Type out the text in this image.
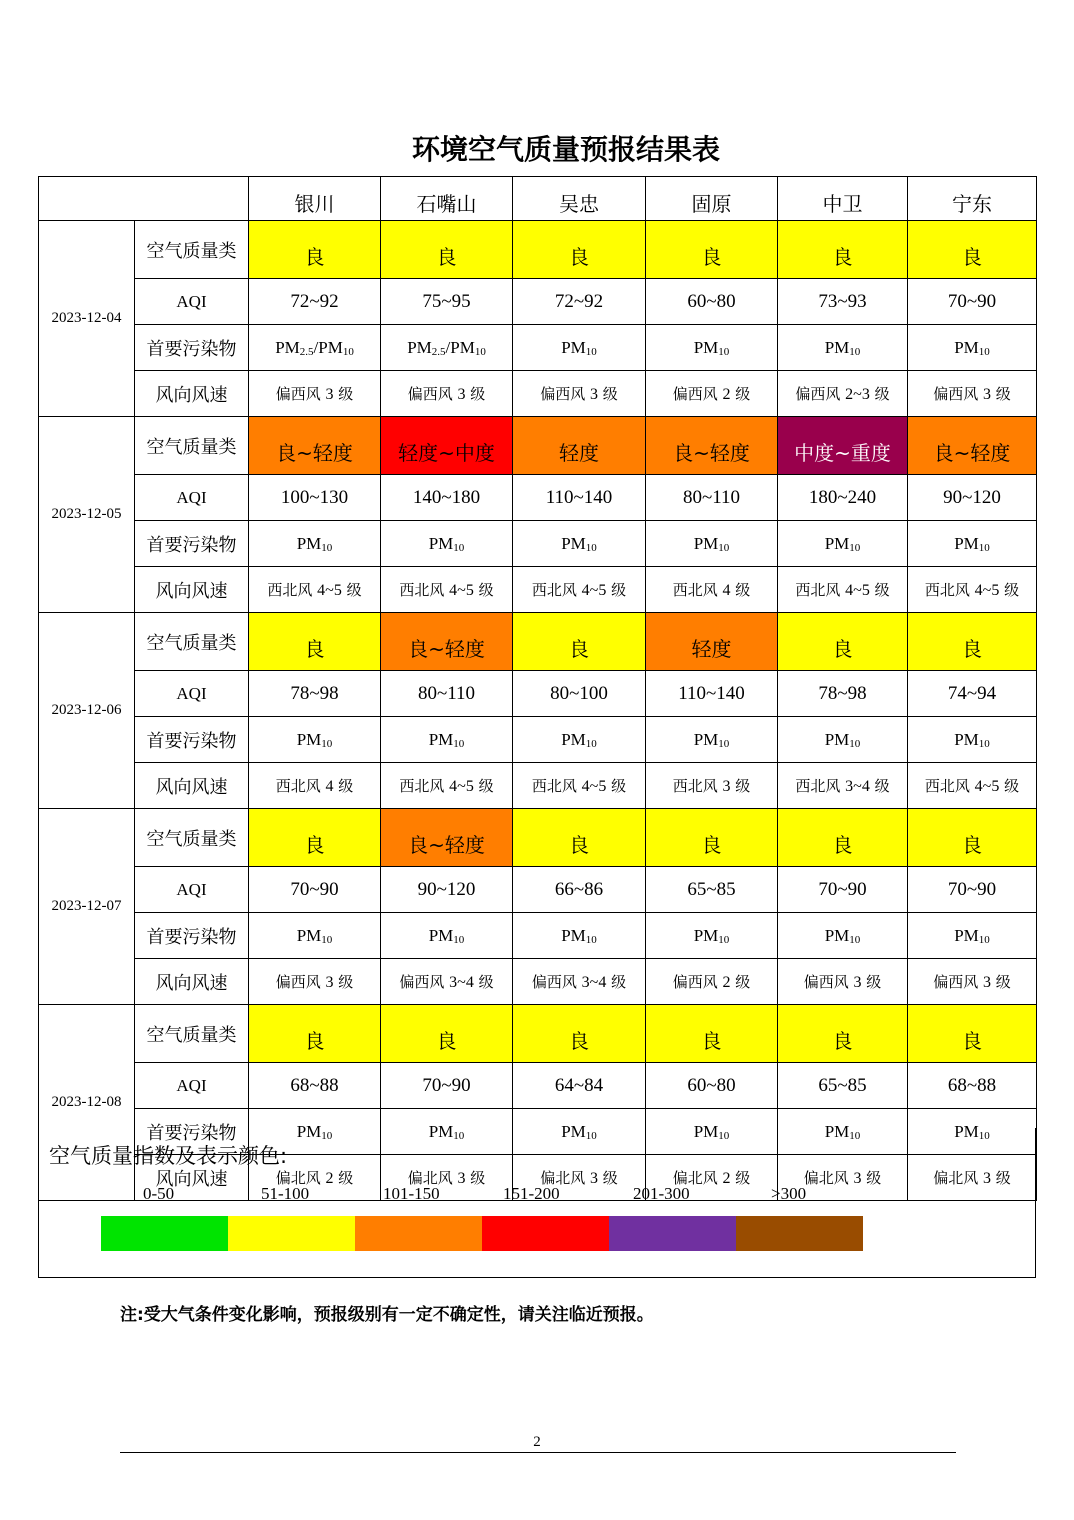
环境空气质量预报结果表
		银川	石嘴山	吴忠	固原	中卫	宁东
2023-12-04	空气质量类	良	良	良	良	良	良
	AQI	72~92	75~95	72~92	60~80	73~93	70~90
	首要污染物	$PM_{2.5}/PM_{10}$	$PM_{2.5}/PM_{10}$	$PM_{10}$	$PM_{10}$	$PM_{10}$	$PM_{10}$
	风向风速	偏西风 3 级	偏西风 3 级	偏西风 3 级	偏西风 2 级	偏西风 2~3 级	偏西风 3 级
2023-12-05	空气质量类	良~轻度	轻度~中度	轻度	良~轻度	中度~重度	良~轻度
	AQI	100~130	140~180	110~140	80~110	180~240	90~120
	首要污染物	$PM_{10}$	$PM_{10}$	$PM_{10}$	$PM_{10}$	$PM_{10}$	$PM_{10}$
	风向风速	西北风 4~5 级	西北风 4~5 级	西北风 4~5 级	西北风 4 级	西北风 4~5 级	西北风 4~5 级
2023-12-06	空气质量类	良	良~轻度	良	轻度	良	良
	AQI	78~98	80~110	80~100	110~140	78~98	74~94
	首要污染物	$PM_{10}$	$PM_{10}$	$PM_{10}$	$PM_{10}$	$PM_{10}$	$PM_{10}$
	风向风速	西北风 4 级	西北风 4~5 级	西北风 4~5 级	西北风 3 级	西北风 3~4 级	西北风 4~5 级
2023-12-07	空气质量类	良	良~轻度	良	良	良	良
	AQI	70~90	90~120	66~86	65~85	70~90	70~90
	首要污染物	$PM_{10}$	$PM_{10}$	$PM_{10}$	$PM_{10}$	$PM_{10}$	$PM_{10}$
	风向风速	偏西风 3 级	偏西风 3~4 级	偏西风 3~4 级	偏西风 2 级	偏西风 3 级	偏西风 3 级
2023-12-08	空气质量类	良	良	良	良	良	良
	AQI	68~88	70~90	64~84	60~80	65~85	68~88
	首要污染物	$PM_{10}$	$PM_{10}$	$PM_{10}$	$PM_{10}$	$PM_{10}$	$PM_{10}$
	风向风速	偏北风 2 级	偏北风 3 级	偏北风 3 级	偏北风 2 级	偏北风 3 级	偏北风 3 级
空气质量指数及表示颜色:
0-50	51-100	101-150	151-200	201-300	>300
注:受大气条件变化影响，预报级别有一定不确定性，请关注临近预报。
2
